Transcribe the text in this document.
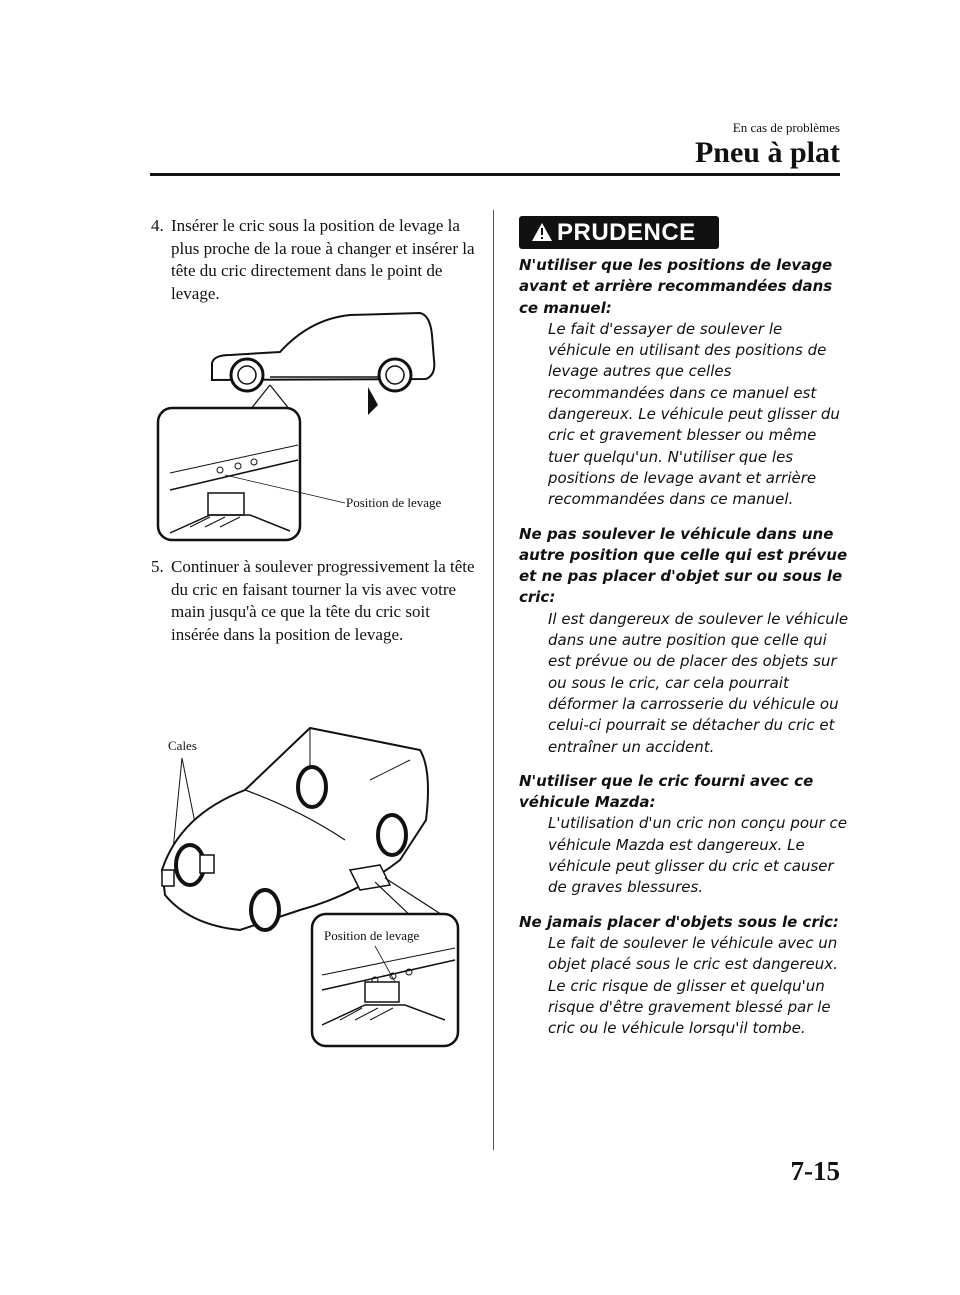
En cas de problèmes

Pneu à plat
4. Insérer le cric sous la position de levage la plus proche de la roue à changer et insérer la tête du cric directement dans le point de levage.
Position de levage
5. Continuer à soulever progressivement la tête du cric en faisant tourner la vis avec votre main jusqu'à ce que la tête du cric soit insérée dans la position de levage.
Cales
Position de levage
PRUDENCE
N'utiliser que les positions de levage avant et arrière recommandées dans ce manuel:
Le fait d'essayer de soulever le véhicule en utilisant des positions de levage autres que celles recommandées dans ce manuel est dangereux. Le véhicule peut glisser du cric et gravement blesser ou même tuer quelqu'un. N'utiliser que les positions de levage avant et arrière recommandées dans ce manuel.
Ne pas soulever le véhicule dans une autre position que celle qui est prévue et ne pas placer d'objet sur ou sous le cric:
Il est dangereux de soulever le véhicule dans une autre position que celle qui est prévue ou de placer des objets sur ou sous le cric, car cela pourrait déformer la carrosserie du véhicule ou celui-ci pourrait se détacher du cric et entraîner un accident.
N'utiliser que le cric fourni avec ce véhicule Mazda:
L'utilisation d'un cric non conçu pour ce véhicule Mazda est dangereux. Le véhicule peut glisser du cric et causer de graves blessures.
Ne jamais placer d'objets sous le cric:
Le fait de soulever le véhicule avec un objet placé sous le cric est dangereux. Le cric risque de glisser et quelqu'un risque d'être gravement blessé par le cric ou le véhicule lorsqu'il tombe.

7-15
